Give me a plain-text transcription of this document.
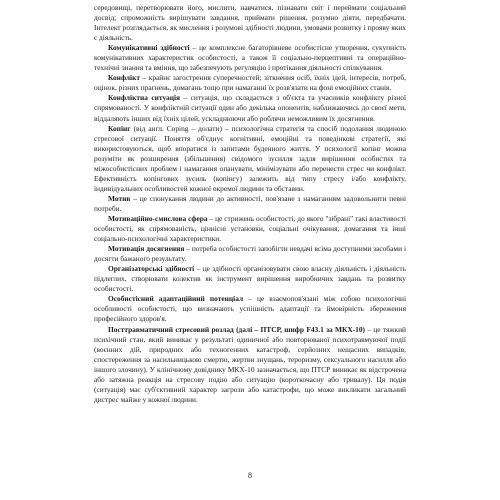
середовищі, перетворювати його, мислити, навчатися, пізнавати світ і переймати соціальний досвід; спроможність вирішувати завдання, приймати рішення, розумно діяти, передбачати. Інтелект розглядається, як мислення і розумові здібності людини, умовами розвитку і прояву яких є діяльність.

Комунікативні здібності – це комплексне багаторівневе особистісне утворення, сукупність комунікативних характеристик особистості, а також її соціально-перцептивні та операційно-технічні знання та вміння, що забезпечують регуляцію і протікання діяльності спілкування.

Конфлікт – крайнє загострення суперечностей; зіткнення осіб, їхніх ідей, інтересів, потреб, оцінок, різних прагнень, домагань тощо при намаганні їх розв'язати на фоні емоційних станів.

Конфліктна ситуація – ситуація, що складається з об'єкта та учасників конфлікту різної спрямованості. У конфліктній ситуації один або декілька опонентів, наближаючись до своєї мети, віддаляють інших від їхніх цілей, ускладнюючи або роблячи неможливим їх досягнення.

Копінг (від англ. Coping – долати) – психологічна стратегія та спосіб подолання людиною стресової ситуації. Поняття об'єднує когнітивні, емоційні та поведінкові стратегії, які використовуються, щоб впоратися із запитами буденного життя. У психології копінг можна розуміти як розширення (збільшення) свідомого зусилля задля вирішення особистих та міжособистісних проблем і намагання опанувати, мінімізувати або перенести стрес чи конфлікт. Ефективність копінгових зусиль (копінгу) залежить від типу стресу і/або конфлікту, індивідуальних особливостей кожної окремої людини та обставин.

Мотив – це спонукання людини до активності, пов'язане з намаганням задовольнити певні потреби.

Мотиваційно-смислова сфера – це стрижень особистості, до якого "зібрані" такі властивості особистості, як спрямованість, ціннісні установки, соціальні очікування, домагання та інші соціально-психологічні характеристики.

Мотивація досягнення – потреба особистості запобігти невдачі всіма доступними засобами і досягти бажаного результату.

Організаторські здібності – це здібності організовувати свою власну діяльність і діяльність підлеглих, створювати колектив як інструмент вирішення виробничих завдань та розвитку особистості.

Особистісний адаптаційний потенціал – це взаємопов'язані між собою психологічні особливості особистості, що визначають успішність адаптації та ймовірність збереження професійного здоров'я.

Посттравматичний стресовий розлад (далі – ПТСР, шифр F43.1 за МКХ-10) – це тяжкий психічний стан, який виникає у результаті одиничної або повторюваної психотравмуючої події (воєнних дій, природних або техногенних катастроф, серйозних нещасних випадків, спостереження за насильницькою смертю, жертви знущань, тероризму, сексуального насилля або іншого злочину). У клінічному довіднику МКХ-10 зазначається, що ПТСР виникає як відстрочена або затяжна реакція на стресову подію або ситуацію (короткочасну або тривалу). Ця подія (ситуація) має суб'єктивний характер загрози або катастрофи, що може викликати загальний дистрес майже у кожної людини.

8
